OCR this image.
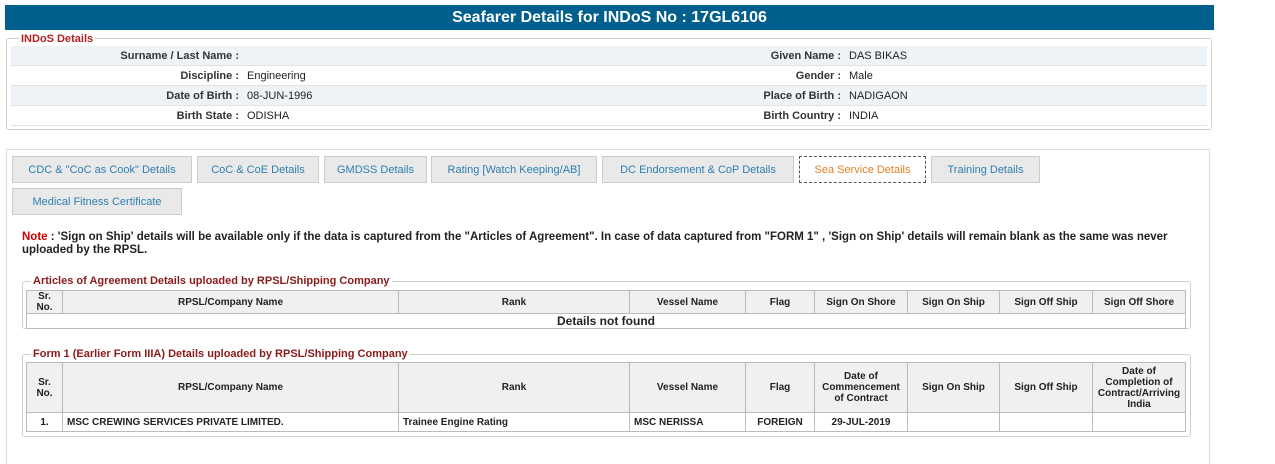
Seafarer Details for INDoS No : 17GL6106
INDoS Details
Surname / Last Name :		Given Name :	DAS BIKAS
Discipline :	Engineering	Gender :	Male
Date of Birth :	08-JUN-1996	Place of Birth :	NADIGAON
Birth State :	ODISHA	Birth Country :	INDIA
CDC & "CoC as Cook" Details	CoC & CoE Details	GMDSS Details	Rating [Watch Keeping/AB]	DC Endorsement & CoP Details	Sea Service Details	Training Details
Medical Fitness Certificate
Note : 'Sign on Ship' details will be available only if the data is captured from the "Articles of Agreement". In case of data captured from "FORM 1" , 'Sign on Ship' details will remain blank as the same was never uploaded by the RPSL.
Articles of Agreement Details uploaded by RPSL/Shipping Company
Sr. No.	RPSL/Company Name	Rank	Vessel Name	Flag	Sign On Shore	Sign On Ship	Sign Off Ship	Sign Off Shore
Details not found
Form 1 (Earlier Form IIIA) Details uploaded by RPSL/Shipping Company
Sr. No.	RPSL/Company Name	Rank	Vessel Name	Flag	Date of Commencement of Contract	Sign On Ship	Sign Off Ship	Date of Completion of Contract/Arriving India
1.	MSC CREWING SERVICES PRIVATE LIMITED.	Trainee Engine Rating	MSC NERISSA	FOREIGN	29-JUL-2019			
